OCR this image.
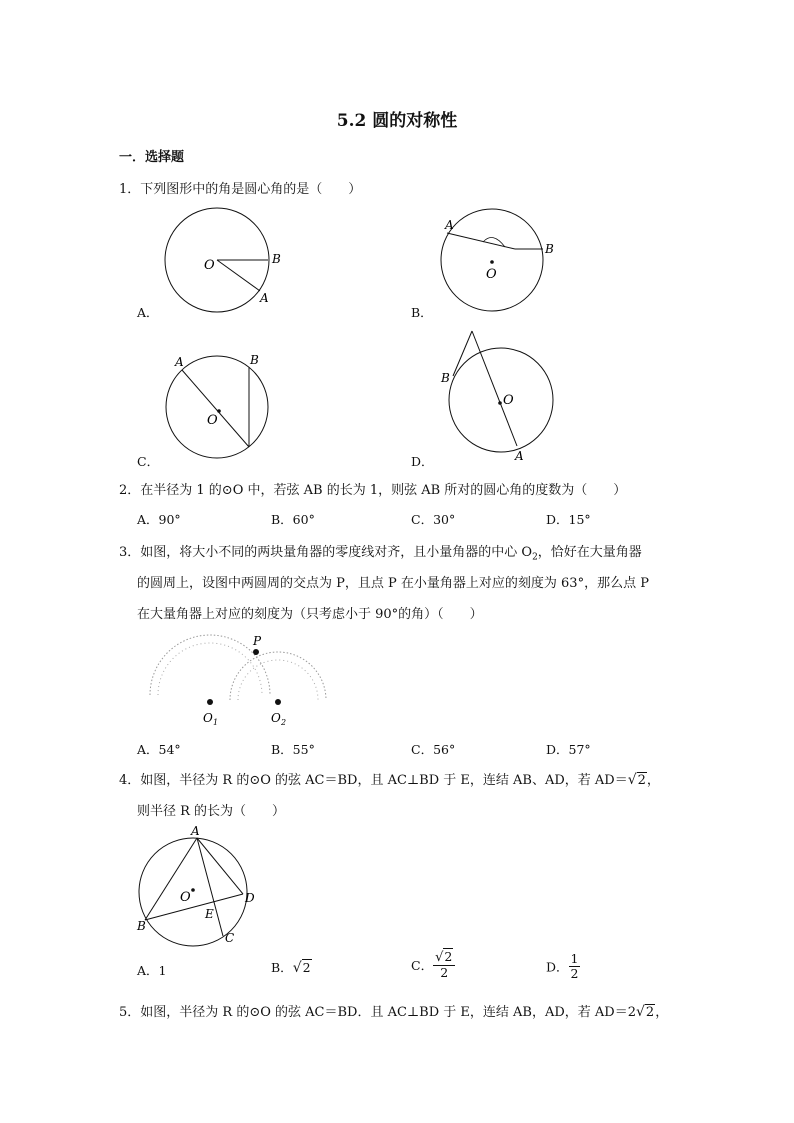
5.2 圆的对称性
一．选择题
1．下列图形中的角是圆心角的是（　　）
O	B
A
A．
A
B
O
B．
A	B
O
C．
B
O
A
D．
2．在半径为 1 的⊙O 中，若弦 AB 的长为 1，则弦 AB 所对的圆心角的度数为（　　）
A．90°	B．60°	C．30°	D．15°
3．如图，将大小不同的两块量角器的零度线对齐，且小量角器的中心 $O_2$，恰好在大量角器
的圆周上，设图中两圆周的交点为 P，且点 P 在小量角器上对应的刻度为 63°，那么点 P
在大量角器上对应的刻度为（只考虑小于 90°的角）（　　）
P
O 1	O 2
A．54°	B．55°	C．56°	D．57°
4．如图，半径为 R 的⊙O 的弦 AC＝BD，且 AC⊥BD 于 E，连结 AB、AD，若 AD＝√2，
则半径 R 的长为（　　）
A
O
E
B
D
C
A．1	B．√2	C． $\frac{√2}{2}$	D． $\frac{1}{2}$
5．如图，半径为 R 的⊙O 的弦 AC＝BD．且 AC⊥BD 于 E，连结 AB，AD，若 AD＝2√2，
